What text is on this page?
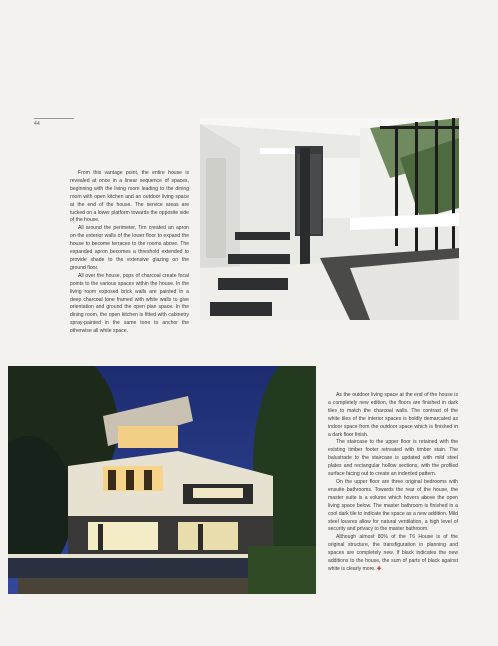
44

From this vantage point, the entire house is revealed at once in a linear sequence of spaces, beginning with the living room leading to the dining room with open kitchen and an outdoor living space at the end of the house. The service areas are tucked on a lower platform towards the opposite side of the house.

All around the perimeter, Tim created an apron on the exterior walls of the lower floor to expand the house to become terraces to the rooms above. The expanded apron becomes a threshold extended to provide shade to the extensive glazing on the ground floor.

All over the house, pops of charcoal create focal points to the various spaces within the house. In the living room exposed brick walls are painted in a deep charcoal tone framed with white walls to give orientation and ground the open plan space. In the dining room, the open kitchen is fitted with cabinetry spray-painted in the same tone to anchor the otherwise all white space.

As the outdoor living space at the end of the house is a completely new edition, the floors are finished in dark tiles to match the charcoal walls. The contrast of the white tiles of the interior spaces is boldly demarcated as indoor space from the outdoor space which is finished in a dark floor finish.

The staircase to the upper floor is retained with the existing timber footer retreated with timber stain. The balustrade to the staircase is updated with mild steel plates and rectangular hollow sections, with the profiled surface facing out to create an indented pattern.

On the upper floor are three original bedrooms with ensuite bathrooms. Towards the rear of the house, the master suite is a volume which hovers above the open living space below. The master bathroom is finished in a cool dark tile to indicate the space as a new addition. Mild steel louvres allow for natural ventilation, a high level of security and privacy to the master bathroom.

Although almost 80% of the T6 House is of the original structure, the transfiguration in planning and spaces are completely new. If black indicates the new additions to the house, the sum of parts of black against white is clearly more. ✚
